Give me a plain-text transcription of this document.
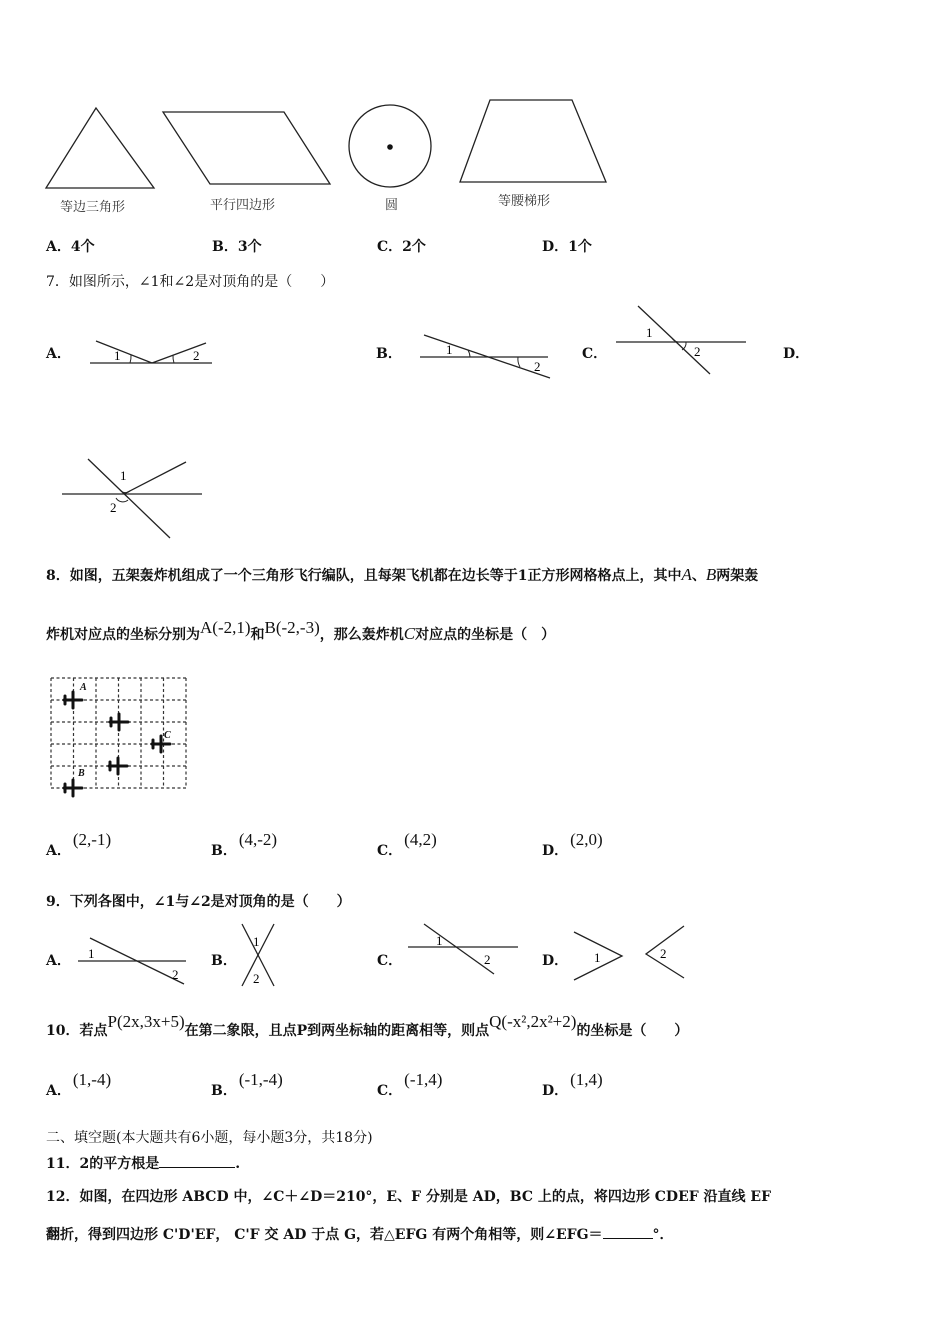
等边三角形	平行四边形	圆	等腰梯形
A．4个	B．3个	C．2个	D．1个
7．如图所示，∠1和∠2是对顶角的是（　　）
A．	1	2	B．	1
2
C．
1
2	D．
1
2
8．如图，五架轰炸机组成了一个三角形飞行编队，且每架飞机都在边长等于1正方形网格格点上，其中A、B两架轰
炸机对应点的坐标分别为A(-2,1)和B(-2,-3)，那么轰炸机C对应点的坐标是（　）
A
C
B
A．(2,-1)
B．(4,-2)
C．(4,2)
D．(2,0)
9．下列各图中，∠1与∠2是对顶角的是（　　）
A． 1
2
B．
1
2
C．
1
2	D． 1	2
10．若点P(2x,3x+5)在第二象限，且点P到两坐标轴的距离相等，则点Q(-x²,2x²+2)的坐标是（　　）
A．(1,-4)
B．(-1,-4)
C．(-1,4)
D．(1,4)
二、填空题(本大题共有6小题，每小题3分，共18分)
11．2的平方根是	.
12．如图，在四边形 ABCD 中，∠C＋∠D＝210°，E、F 分别是 AD，BC 上的点，将四边形 CDEF 沿直线 EF
翻折，得到四边形 C'D'EF， C'F 交 AD 于点 G，若△EFG 有两个角相等，则∠EFG＝	°．
